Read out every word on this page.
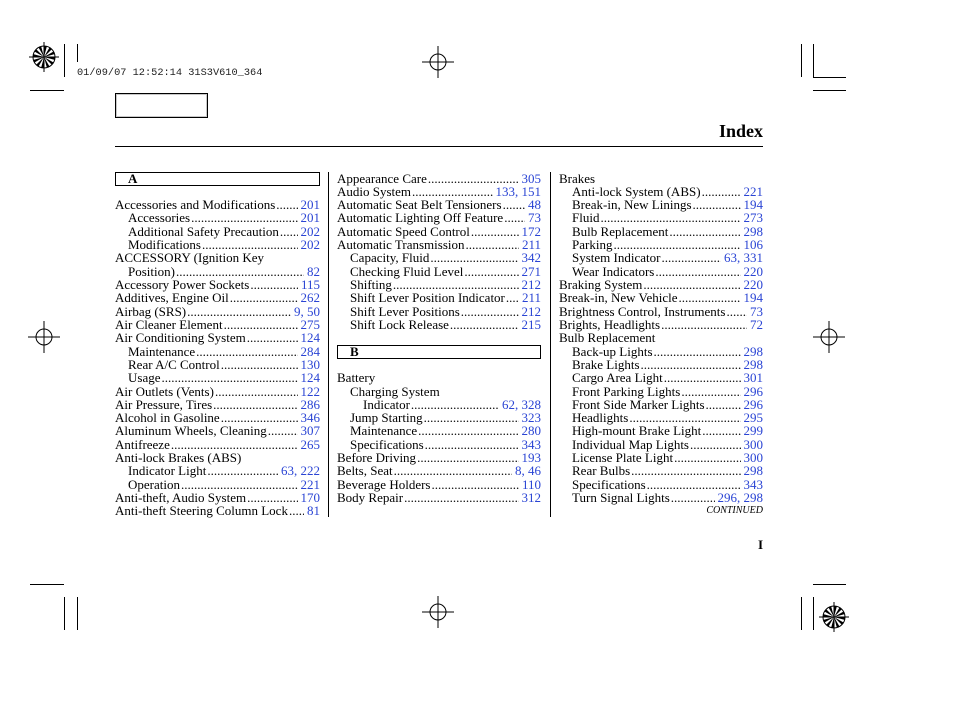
01/09/07 12:52:14 31S3V610_364
Index
A
Accessories and Modifications ..... 201
Accessories .....	201
Additional Safety Precaution ..... 202
Modifications .....	202
ACCESSORY (Ignition Key
Position) .....	82
Accessory Power Sockets .....	115
Additives, Engine Oil .....	262
Airbag (SRS) .....	9, 50
Air Cleaner Element .....	275
Air Conditioning System .....	124
Maintenance .....	284
Rear A/C Control .....	130
Usage .....	124
Air Outlets (Vents) .....	122
Air Pressure, Tires .....	286
Alcohol in Gasoline .....	346
Aluminum Wheels, Cleaning .....	307
Antifreeze .....	265
Anti-lock Brakes (ABS)
Indicator Light .....	63, 222
Operation .....	221
Anti-theft, Audio System .....	170
Anti-theft Steering Column Lock ..... 81
Appearance Care .....	305
Audio System .....	133, 151
Automatic Seat Belt Tensioners ..... 48
Automatic Lighting Off Feature ..... 73
Automatic Speed Control .....	172
Automatic Transmission .....	211
Capacity, Fluid .....	342
Checking Fluid Level .....	271
Shifting .....	212
Shift Lever Position Indicator ..... 211
Shift Lever Positions .....	212
Shift Lock Release .....	215
B
Battery
Charging System
Indicator .....	62, 328
Jump Starting .....	323
Maintenance .....	280
Specifications .....	343
Before Driving .....	193
Belts, Seat .....	8, 46
Beverage Holders .....	110
Body Repair .....	312
Brakes
Anti-lock System (ABS) .....	221
Break-in, New Linings .....	194
Fluid .....	273
Bulb Replacement .....	298
Parking .....	106
System Indicator .....	63, 331
Wear Indicators .....	220
Braking System .....	220
Break-in, New Vehicle .....	194
Brightness Control, Instruments ..... 73
Brights, Headlights .....	72
Bulb Replacement
Back-up Lights .....	298
Brake Lights .....	298
Cargo Area Light .....	301
Front Parking Lights .....	296
Front Side Marker Lights .....	296
Headlights .....	295
High-mount Brake Light .....	299
Individual Map Lights .....	300
License Plate Light .....	300
Rear Bulbs .....	298
Specifications .....	343
Turn Signal Lights .....	296, 298
CONTINUED
I
